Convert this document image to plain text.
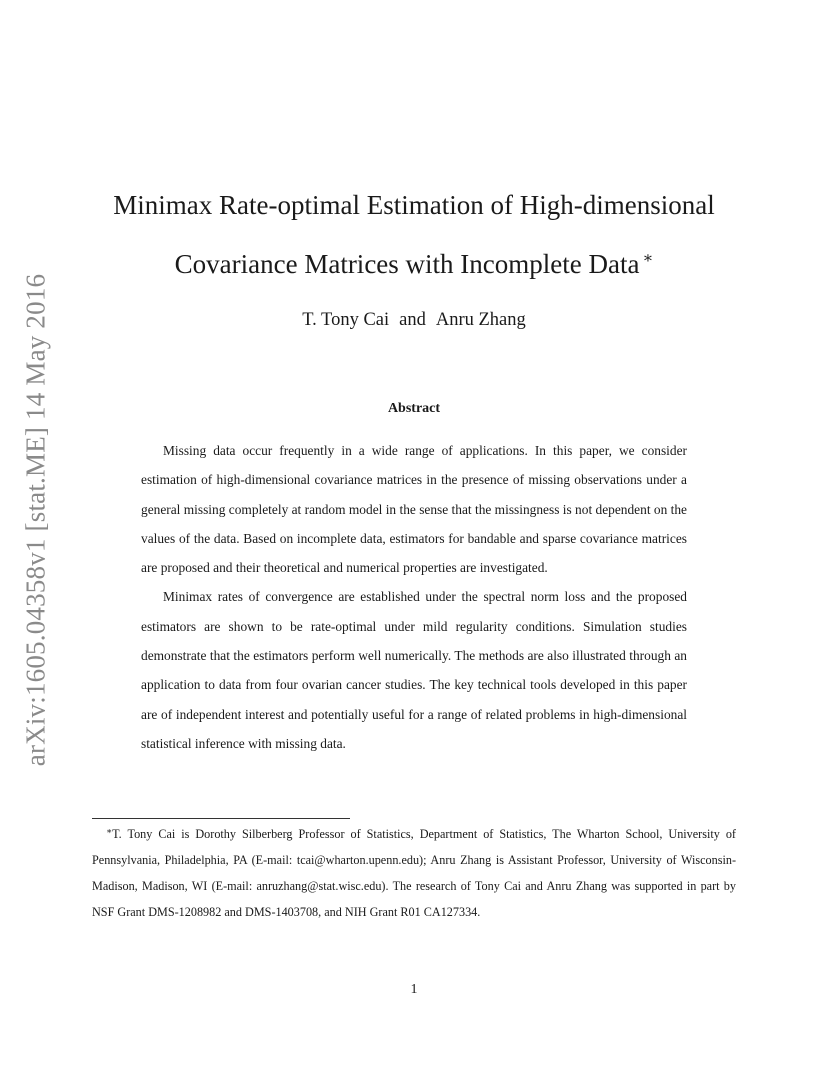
arXiv:1605.04358v1 [stat.ME] 14 May 2016
Minimax Rate-optimal Estimation of High-dimensional
Covariance Matrices with Incomplete Data ∗
T. Tony Cai and Anru Zhang
Abstract

Missing data occur frequently in a wide range of applications. In this paper, we consider estimation of high-dimensional covariance matrices in the presence of missing observations under a general missing completely at random model in the sense that the missingness is not dependent on the values of the data. Based on incomplete data, estimators for bandable and sparse covariance matrices are proposed and their theoretical and numerical properties are investigated.

Minimax rates of convergence are established under the spectral norm loss and the proposed estimators are shown to be rate-optimal under mild regularity conditions. Simulation studies demonstrate that the estimators perform well numerically. The methods are also illustrated through an application to data from four ovarian cancer studies. The key technical tools developed in this paper are of independent interest and potentially useful for a range of related problems in high-dimensional statistical inference with missing data.

∗T. Tony Cai is Dorothy Silberberg Professor of Statistics, Department of Statistics, The Wharton School, University of Pennsylvania, Philadelphia, PA (E-mail: tcai@wharton.upenn.edu); Anru Zhang is Assistant Professor, University of Wisconsin-Madison, Madison, WI (E-mail: anruzhang@stat.wisc.edu). The research of Tony Cai and Anru Zhang was supported in part by NSF Grant DMS-1208982 and DMS-1403708, and NIH Grant R01 CA127334.
1
